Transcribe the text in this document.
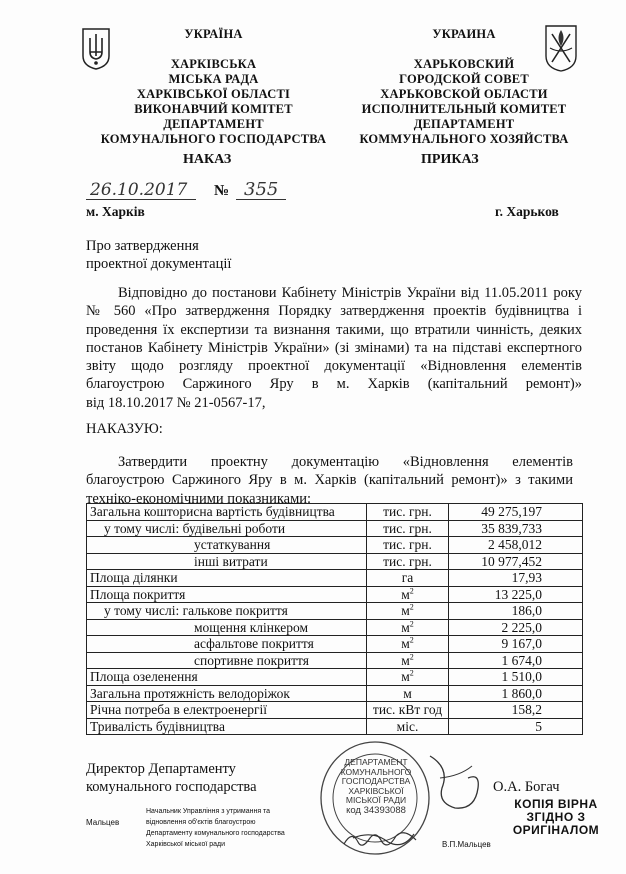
УКРАЇНА
ХАРКІВСЬКА
МІСЬКА РАДА
ХАРКІВСЬКОЇ ОБЛАСТІ
ВИКОНАВЧИЙ КОМІТЕТ
ДЕПАРТАМЕНТ
КОМУНАЛЬНОГО ГОСПОДАРСТВА
УКРАИНА
ХАРЬКОВСКИЙ
ГОРОДСКОЙ СОВЕТ
ХАРЬКОВСКОЙ ОБЛАСТИ
ИСПОЛНИТЕЛЬНЫЙ КОМИТЕТ
ДЕПАРТАМЕНТ
КОММУНАЛЬНОГО ХОЗЯЙСТВА
НАКАЗ	ПРИКАЗ
26.10.2017 № 355
м. Харків	г. Харьков
Про затвердження
проектної документації
Відповідно до постанови Кабінету Міністрів України від 11.05.2011 року
№ 560 «Про затвердження Порядку затвердження проектів будівництва і
проведення їх експертизи та визнання такими, що втратили чинність, деяких
постанов Кабінету Міністрів України» (зі змінами) та на підставі експертного
звіту щодо розгляду проектної документації «Відновлення елементів
благоустрою Саржиного Яру в м. Харків (капітальний ремонт)»
від 18.10.2017 № 21-0567-17,
НАКАЗУЮ:
Затвердити проектну документацію «Відновлення елементів
благоустрою Саржиного Яру в м. Харків (капітальний ремонт)» з такими
техніко-економічними показниками:
Загальна кошторисна вартість будівництва	тис. грн.	49 275,197
у тому числі: будівельні роботи	тис. грн.	35 839,733
устаткування	тис. грн.	2 458,012
інші витрати	тис. грн.	10 977,452
Площа ділянки	га	17,93
Площа покриття	$м^2$	13 225,0
у тому числі: галькове покриття	$м^2$	186,0
мощення клінкером	$м^2$	2 225,0
асфальтове покриття	$м^2$	9 167,0
спортивне покриття	$м^2$	1 674,0
Площа озеленення	$м^2$	1 510,0
Загальна протяжність велодоріжок	м	1 860,0
Річна потреба в електроенергії	тис. кВт год	158,2
Тривалість будівництва	міс.	5
Директор Департаменту
комунального господарства	О.А. Богач
ДЕПАРТАМЕНТ
КОМУНАЛЬНОГО
ГОСПОДАРСТВА
ХАРКІВСЬКОЇ
МІСЬКОЇ РАДИ
код 34393088	КОПІЯ ВІРНА
ЗГІДНО З
ОРИГІНАЛОМ
Мальцев
Начальник Управління з утримання та
відновлення об'єктів благоустрою
Департаменту комунального господарства
Харківської міської ради	В.П.Мальцев
